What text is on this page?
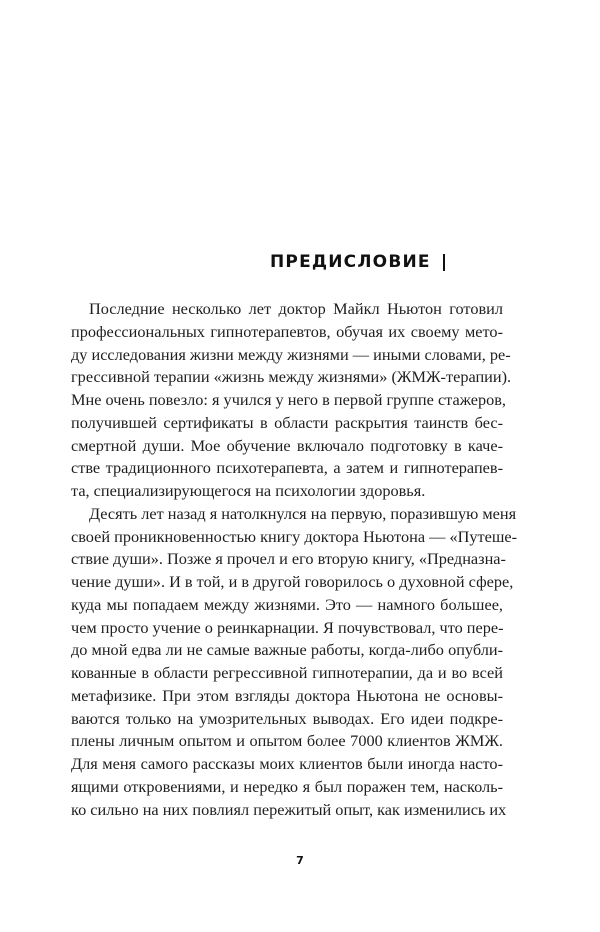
ПРЕДИСЛОВИЕ
Последние несколько лет доктор Майкл Ньютон готовил
профессиональных гипнотерапевтов, обучая их своему мето-
ду исследования жизни между жизнями — иными словами, ре-
грессивной терапии «жизнь между жизнями» (ЖМЖ-терапии).
Мне очень повезло: я учился у него в первой группе стажеров,
получившей сертификаты в области раскрытия таинств бес-
смертной души. Мое обучение включало подготовку в каче-
стве традиционного психотерапевта, а затем и гипнотерапев-
та, специализирующегося на психологии здоровья.
Десять лет назад я натолкнулся на первую, поразившую меня
своей проникновенностью книгу доктора Ньютона — «Путеше-
ствие души». Позже я прочел и его вторую книгу, «Предназна-
чение души». И в той, и в другой говорилось о духовной сфере,
куда мы попадаем между жизнями. Это — намного большее,
чем просто учение о реинкарнации. Я почувствовал, что пере-
до мной едва ли не самые важные работы, когда-либо опубли-
кованные в области регрессивной гипнотерапии, да и во всей
метафизике. При этом взгляды доктора Ньютона не основы-
ваются только на умозрительных выводах. Его идеи подкре-
плены личным опытом и опытом более 7000 клиентов ЖМЖ.
Для меня самого рассказы моих клиентов были иногда насто-
ящими откровениями, и нередко я был поражен тем, насколь-
ко сильно на них повлиял пережитый опыт, как изменились их
7
